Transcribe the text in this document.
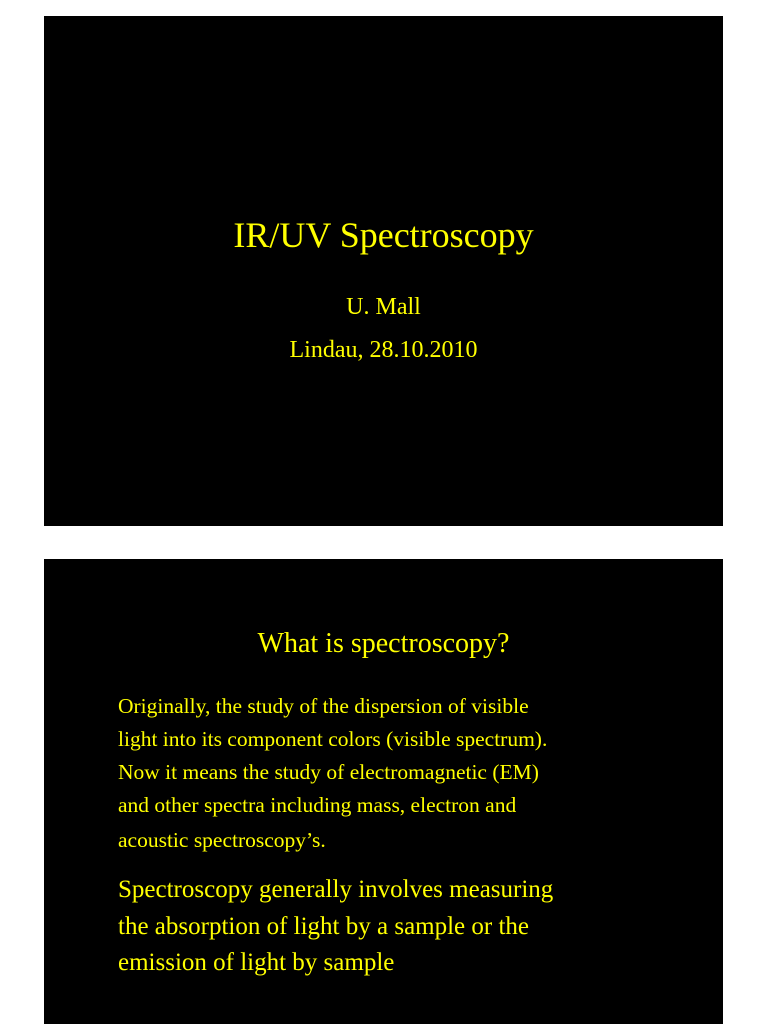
IR/UV Spectroscopy
U. Mall
Lindau, 28.10.2010
What is spectroscopy?
Originally, the study of the dispersion of visible
light into its component colors (visible spectrum).
Now it means the study of electromagnetic (EM)
and other spectra including mass, electron and
acoustic spectroscopy’s.
Spectroscopy generally involves measuring
the absorption of light by a sample or the
emission of light by sample
